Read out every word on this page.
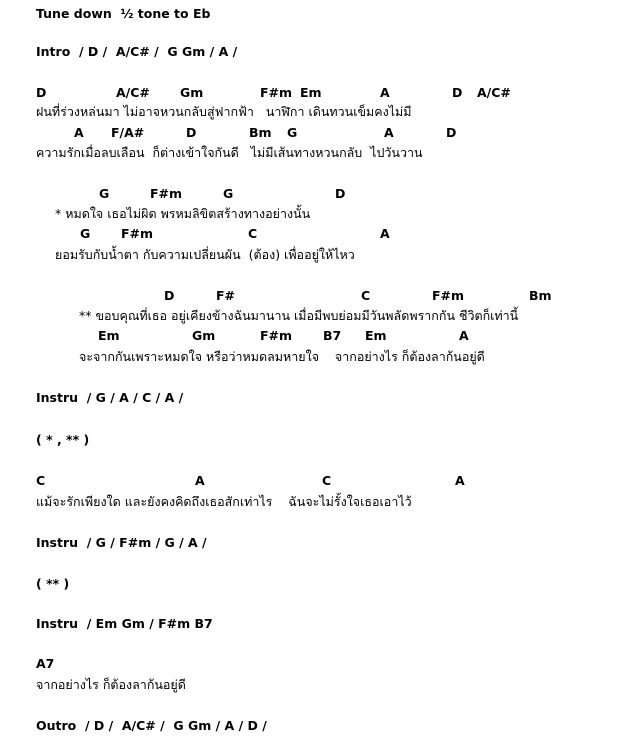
Tune down  ½ tone to Eb
Intro  / D /  A/C# /  G Gm / A /
D	A/C# Gm	F#m Em	A	D A/C#
ฝนที่ร่วงหล่นมา ไม่อาจหวนกลับสู่ฟากฟ้า   นาฬิกา เดินทวนเข็มคงไม่มี
A F/A#	D	Bm G	A	D
ความรักเมื่อลบเลือน  ก็ต่างเข้าใจกันดี   ไม่มีเส้นทางหวนกลับ  ไปวันวาน
G	F#m	G	D
* หมดใจ เธอไม่ผิด พรหมลิขิตสร้างทางอย่างนั้น
G F#m	C	A
ยอมรับกับน้ำตา กับความเปลี่ยนผัน  (ต้อง) เพื่ออยู่ให้ไหว
D	F#	C	F#m	Bm
** ขอบคุณที่เธอ อยู่เคียงข้างฉันมานาน เมื่อมีพบย่อมมีวันพลัดพรากกัน ชีวิตก็เท่านี้
Em	Gm	F#m B7 Em	A
จะจากกันเพราะหมดใจ หรือว่าหมดลมหายใจ    จากอย่างไร ก็ต้องลาก้นอยู่ดี
Instru  / G / A / C / A /
( * , ** )
C	A	C	A
แม้จะรักเพียงใด และยังคงคิดถึงเธอสักเท่าไร    ฉันจะไม่รั้งใจเธอเอาไว้
Instru  / G / F#m / G / A /
( ** )
Instru  / Em Gm / F#m B7
A7
จากอย่างไร ก็ต้องลาก้นอยู่ดี
Outro  / D /  A/C# /  G Gm / A / D /
